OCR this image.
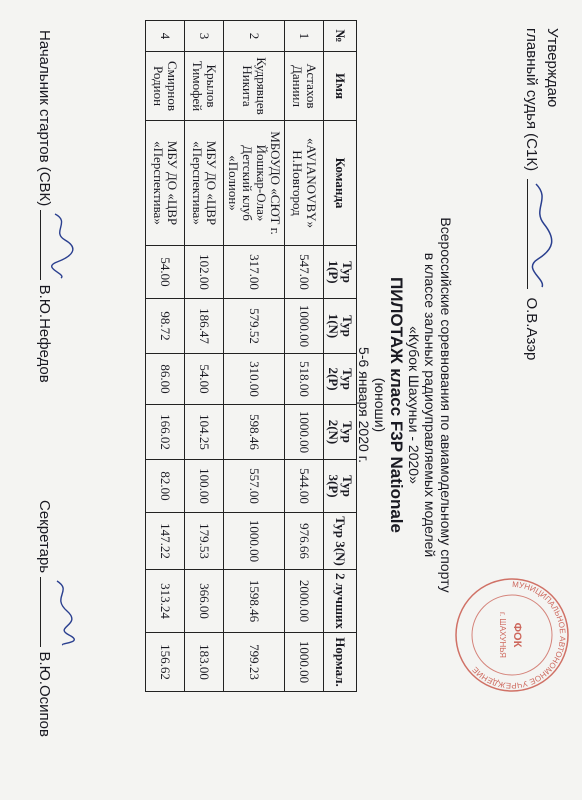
Утверждаю
главный судья (С1К)
О.В.Азэр
МУНИЦИПАЛЬНОЕ АВТОНОМНОЕ УЧРЕЖДЕНИЕ
ФОК
г. ШАХУНЬЯ
Всероссийские соревнования по авиамодельному спорту
в классе зальных радиоуправляемых моделей
«Кубок Шахуньи - 2020»
ПИЛОТАЖ класс F3P Nationale
(юноши)
5-6 января 2020 г.
№	Имя	Команда	Тур 1(P)	Тур 1(N)	Тур 2(P)	Тур 2(N)	Тур 3(P)	Тур 3(N)	2 лучших	Нормал.
1	Астахов Даниил	«AVIANOVBY» Н.Новгород	547.00	1000.00	518.00	1000.00	544.00	976.66	2000.00	1000.00
2	Кудрявцев Никита	МБОУДО «СЮТ г. Йошкар-Ола» Детский клуб «Полион»	317.00	579.52	310.00	598.46	557.00	1000.00	1598.46	799.23
3	Крылов Тимофей	МБУ ДО «ЦВР «Перспектива»	102.00	186.47	54.00	104.25	100.00	179.53	366.00	183.00
4	Смирнов Родион	МБУ ДО «ЦВР «Перспектива»	54.00	98.72	86.00	166.02	82.00	147.22	313.24	156.62
Начальник стартов (СВК)
В.Ю.Нефедов
Секретарь
В.Ю.Осипов
